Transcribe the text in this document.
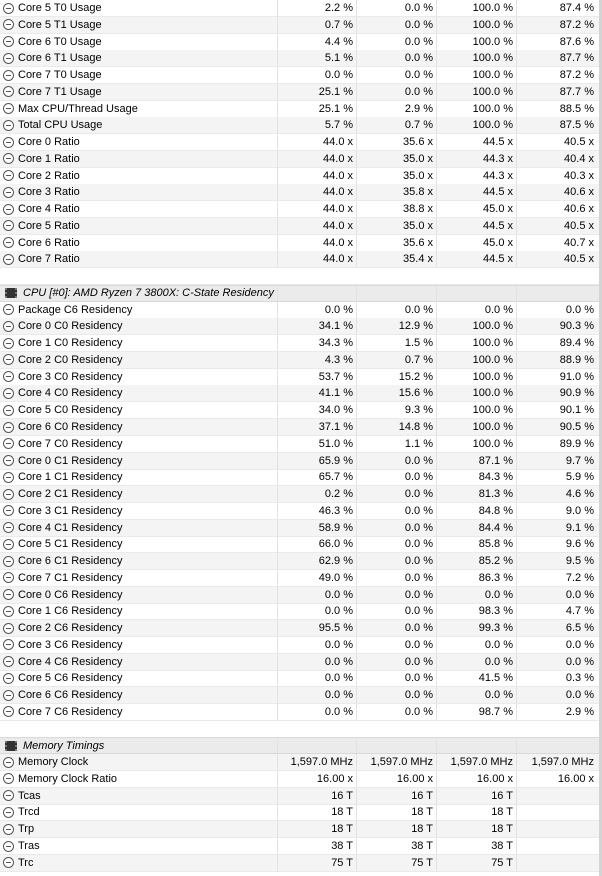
Core 5 T0 Usage	2.2 %	0.0 %	100.0 %	87.4 %
Core 5 T1 Usage	0.7 %	0.0 %	100.0 %	87.2 %
Core 6 T0 Usage	4.4 %	0.0 %	100.0 %	87.6 %
Core 6 T1 Usage	5.1 %	0.0 %	100.0 %	87.7 %
Core 7 T0 Usage	0.0 %	0.0 %	100.0 %	87.2 %
Core 7 T1 Usage	25.1 %	0.0 %	100.0 %	87.7 %
Max CPU/Thread Usage	25.1 %	2.9 %	100.0 %	88.5 %
Total CPU Usage	5.7 %	0.7 %	100.0 %	87.5 %
Core 0 Ratio	44.0 x	35.6 x	44.5 x	40.5 x
Core 1 Ratio	44.0 x	35.0 x	44.3 x	40.4 x
Core 2 Ratio	44.0 x	35.0 x	44.3 x	40.3 x
Core 3 Ratio	44.0 x	35.8 x	44.5 x	40.6 x
Core 4 Ratio	44.0 x	38.8 x	45.0 x	40.6 x
Core 5 Ratio	44.0 x	35.0 x	44.5 x	40.5 x
Core 6 Ratio	44.0 x	35.6 x	45.0 x	40.7 x
Core 7 Ratio	44.0 x	35.4 x	44.5 x	40.5 x
CPU [#0]: AMD Ryzen 7 3800X: C-State Residency
Package C6 Residency	0.0 %	0.0 %	0.0 %	0.0 %
Core 0 C0 Residency	34.1 %	12.9 %	100.0 %	90.3 %
Core 1 C0 Residency	34.3 %	1.5 %	100.0 %	89.4 %
Core 2 C0 Residency	4.3 %	0.7 %	100.0 %	88.9 %
Core 3 C0 Residency	53.7 %	15.2 %	100.0 %	91.0 %
Core 4 C0 Residency	41.1 %	15.6 %	100.0 %	90.9 %
Core 5 C0 Residency	34.0 %	9.3 %	100.0 %	90.1 %
Core 6 C0 Residency	37.1 %	14.8 %	100.0 %	90.5 %
Core 7 C0 Residency	51.0 %	1.1 %	100.0 %	89.9 %
Core 0 C1 Residency	65.9 %	0.0 %	87.1 %	9.7 %
Core 1 C1 Residency	65.7 %	0.0 %	84.3 %	5.9 %
Core 2 C1 Residency	0.2 %	0.0 %	81.3 %	4.6 %
Core 3 C1 Residency	46.3 %	0.0 %	84.8 %	9.0 %
Core 4 C1 Residency	58.9 %	0.0 %	84.4 %	9.1 %
Core 5 C1 Residency	66.0 %	0.0 %	85.8 %	9.6 %
Core 6 C1 Residency	62.9 %	0.0 %	85.2 %	9.5 %
Core 7 C1 Residency	49.0 %	0.0 %	86.3 %	7.2 %
Core 0 C6 Residency	0.0 %	0.0 %	0.0 %	0.0 %
Core 1 C6 Residency	0.0 %	0.0 %	98.3 %	4.7 %
Core 2 C6 Residency	95.5 %	0.0 %	99.3 %	6.5 %
Core 3 C6 Residency	0.0 %	0.0 %	0.0 %	0.0 %
Core 4 C6 Residency	0.0 %	0.0 %	0.0 %	0.0 %
Core 5 C6 Residency	0.0 %	0.0 %	41.5 %	0.3 %
Core 6 C6 Residency	0.0 %	0.0 %	0.0 %	0.0 %
Core 7 C6 Residency	0.0 %	0.0 %	98.7 %	2.9 %
Memory Timings
Memory Clock	1,597.0 MHz	1,597.0 MHz	1,597.0 MHz	1,597.0 MHz
Memory Clock Ratio	16.00 x	16.00 x	16.00 x	16.00 x
Tcas	16 T	16 T	16 T
Trcd	18 T	18 T	18 T
Trp	18 T	18 T	18 T
Tras	38 T	38 T	38 T
Trc	75 T	75 T	75 T
